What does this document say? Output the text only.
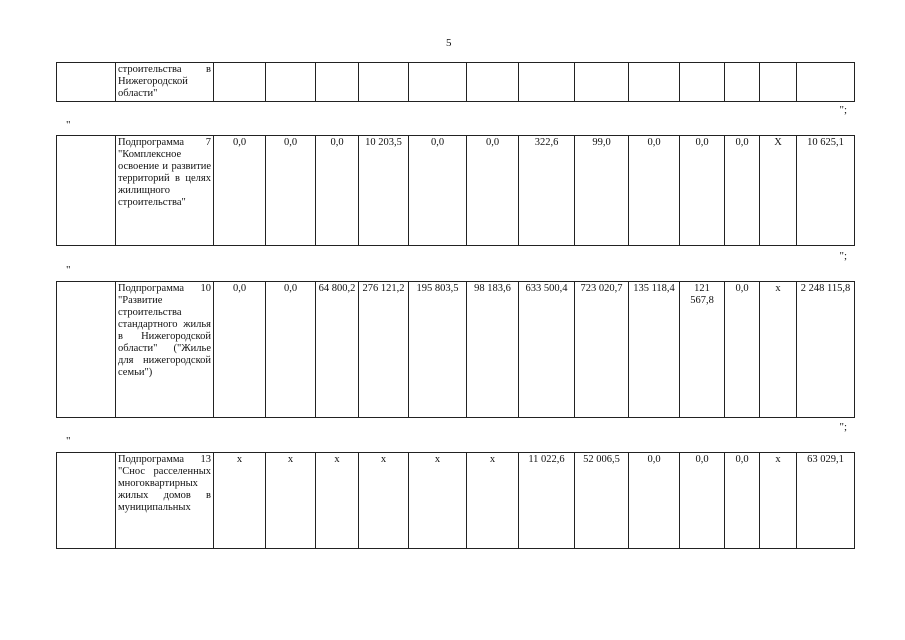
5
	строительства в Нижегородской области"													
";
"
	Подпрограмма 7 "Комплексное освоение и развитие территорий в целях жилищного строительства"	0,0	0,0	0,0	10 203,5	0,0	0,0	322,6	99,0	0,0	0,0	0,0	X	10 625,1
";
"
	Подпрограмма 10 "Развитие строительства стандартного жилья в Нижегородской области" ("Жилье для нижегородской семьи")	0,0	0,0	64 800,2	276 121,2	195 803,5	98 183,6	633 500,4	723 020,7	135 118,4	121 567,8	0,0	х	2 248 115,8
";
"
	Подпрограмма 13 "Снос расселенных многоквартирных жилых домов в муниципальных	х	х	х	х	х	х	11 022,6	52 006,5	0,0	0,0	0,0	х	63 029,1
